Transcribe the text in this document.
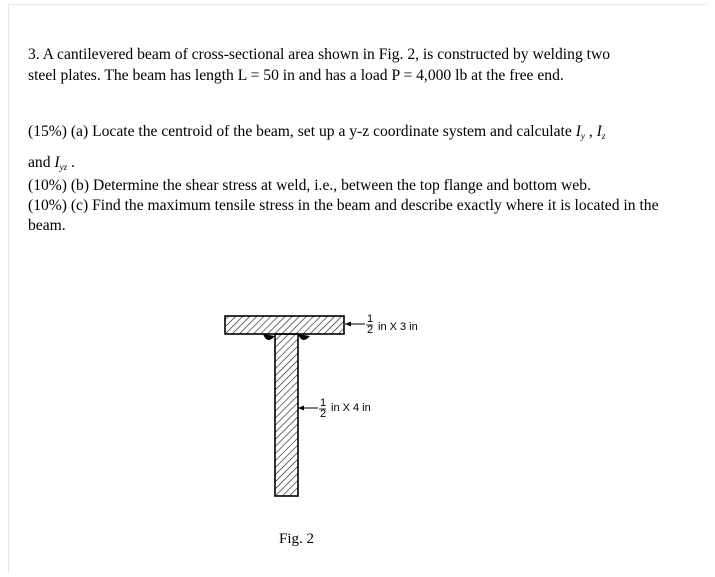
3. A cantilevered beam of cross-sectional area shown in Fig. 2, is constructed by welding two
steel plates. The beam has length L = 50 in and has a load P = 4,000 lb at the free end.

(15%) (a) Locate the centroid of the beam, set up a y-z coordinate system and calculate $I_y$ , $I_z$
and $I_{yz}$ .

(10%) (b) Determine the shear stress at weld, i.e., between the top flange and bottom web.
(10%) (c) Find the maximum tensile stress in the beam and describe exactly where it is located in the beam.

1
2 in X 3 in
1
2 in X 4 in
Fig. 2
